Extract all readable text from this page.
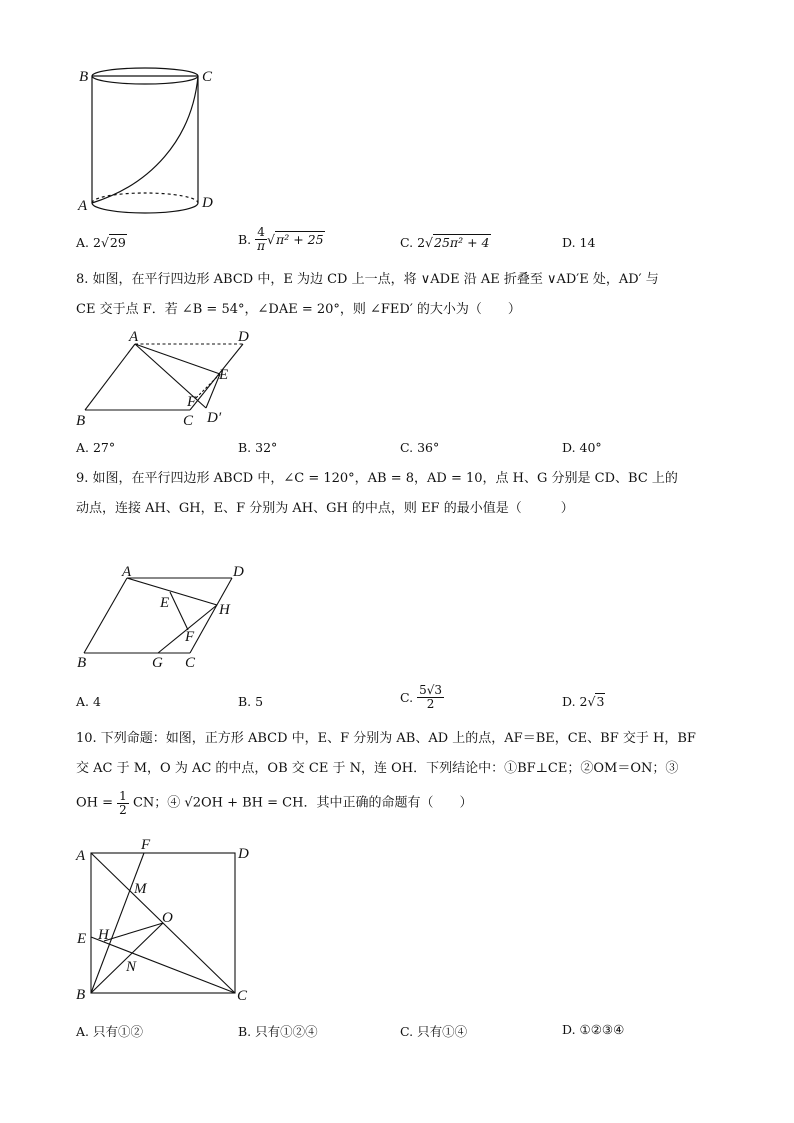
B	C
A	D
A. 2√29	B. $\frac{4}{\pi} √\pi^2 + 25$	C. 2√25π² + 4	D. 14
8. 如图，在平行四边形 ABCD 中，E 为边 CD 上一点，将 ∨ADE 沿 AE 折叠至 ∨AD′E 处，AD′ 与
CE 交于点 F．若 ∠B = 54°，∠DAE = 20°，则 ∠FED′ 的大小为（　　）
A	D
E
F
B	C D′
A. 27°	B. 32°	C. 36°	D. 40°
9. 如图，在平行四边形 ABCD 中，∠C = 120°，AB = 8，AD = 10，点 H、G 分别是 CD、BC 上的
动点，连接 AH、GH，E、F 分别为 AH、GH 的中点，则 EF 的最小值是（　　　）
A	D
E	H
F
B	G C
A. 4	B. 5	C. $\frac{5√3}{2}$	D. 2√3
10. 下列命题：如图，正方形 ABCD 中，E、F 分别为 AB、AD 上的点，AF＝BE，CE、BF 交于 H，BF
交 AC 于 M，O 为 AC 的中点，OB 交 CE 于 N，连 OH．下列结论中：①BF⊥CE；②OM＝ON；③
OH = $\frac{1}{2}$ CN；④ √2OH + BH = CH．其中正确的命题有（　　）
A
F
D
M
O
E H
N
B	C
A. 只有①②	B. 只有①②④	C. 只有①④	D. ①②③④
